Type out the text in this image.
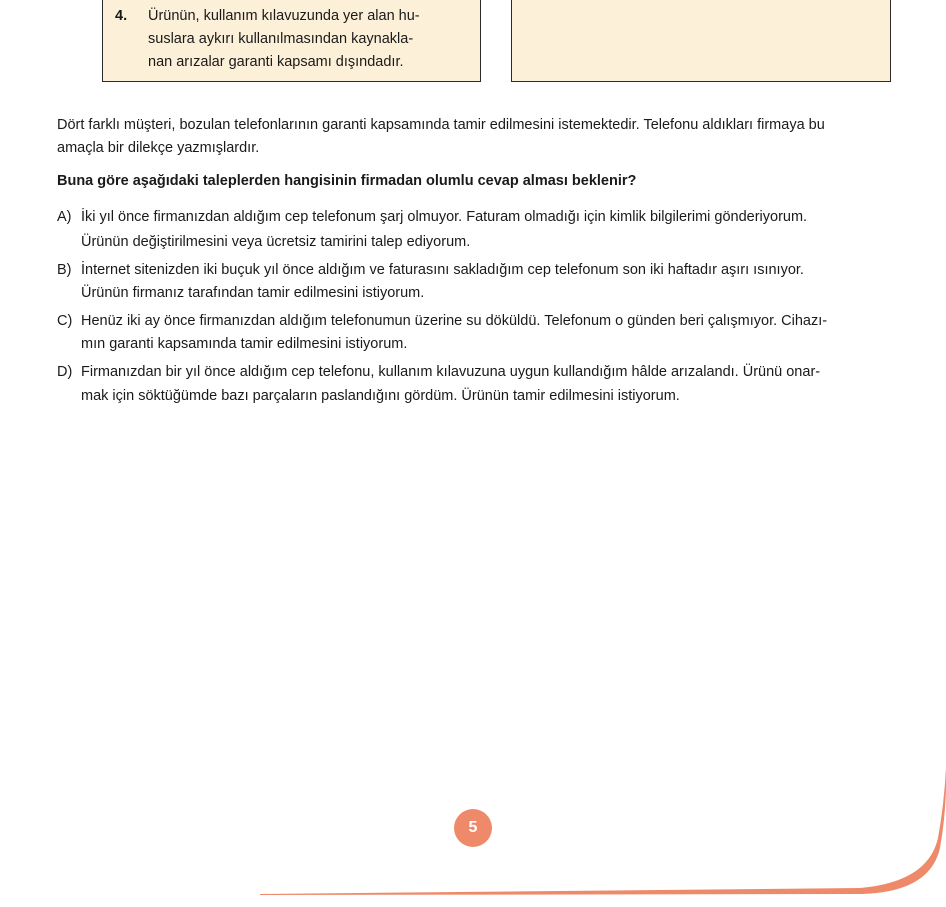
4. Ürünün, kullanım kılavuzunda yer alan hu-
suslara aykırı kullanılmasından kaynakla-
nan arızalar garanti kapsamı dışındadır.
Dört farklı müşteri, bozulan telefonlarının garanti kapsamında tamir edilmesini istemektedir. Telefonu aldıkları firmaya bu
amaçla bir dilekçe yazmışlardır.
Buna göre aşağıdaki taleplerden hangisinin firmadan olumlu cevap alması beklenir?
A) İki yıl önce firmanızdan aldığım cep telefonum şarj olmuyor. Faturam olmadığı için kimlik bilgilerimi gönderiyorum.
Ürünün değiştirilmesini veya ücretsiz tamirini talep ediyorum.
B) İnternet sitenizden iki buçuk yıl önce aldığım ve faturasını sakladığım cep telefonum son iki haftadır aşırı ısınıyor.
Ürünün firmanız tarafından tamir edilmesini istiyorum.
C) Henüz iki ay önce firmanızdan aldığım telefonumun üzerine su döküldü. Telefonum o günden beri çalışmıyor. Cihazı-
mın garanti kapsamında tamir edilmesini istiyorum.
D) Firmanızdan bir yıl önce aldığım cep telefonu, kullanım kılavuzuna uygun kullandığım hâlde arızalandı. Ürünü onar-
mak için söktüğümde bazı parçaların paslandığını gördüm. Ürünün tamir edilmesini istiyorum.
5
